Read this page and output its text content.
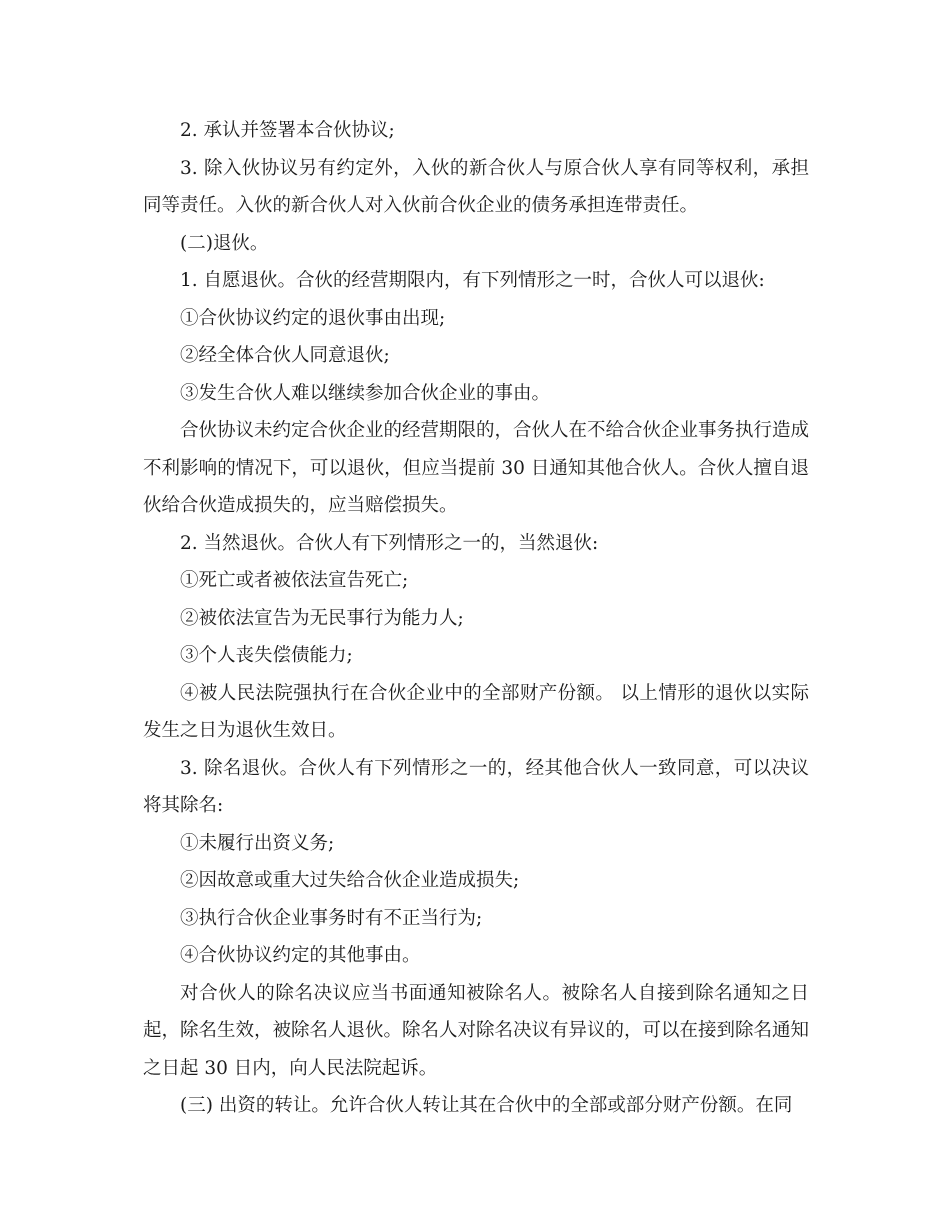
2. 承认并签署本合伙协议;

3. 除入伙协议另有约定外，入伙的新合伙人与原合伙人享有同等权利，承担同等责任。入伙的新合伙人对入伙前合伙企业的债务承担连带责任。

(二)退伙。

1. 自愿退伙。合伙的经营期限内，有下列情形之一时，合伙人可以退伙:

①合伙协议约定的退伙事由出现;

②经全体合伙人同意退伙;

③发生合伙人难以继续参加合伙企业的事由。

合伙协议未约定合伙企业的经营期限的，合伙人在不给合伙企业事务执行造成不利影响的情况下，可以退伙，但应当提前 30 日通知其他合伙人。合伙人擅自退伙给合伙造成损失的，应当赔偿损失。

2. 当然退伙。合伙人有下列情形之一的，当然退伙:

①死亡或者被依法宣告死亡;

②被依法宣告为无民事行为能力人;

③个人丧失偿债能力;

④被人民法院强执行在合伙企业中的全部财产份额。 以上情形的退伙以实际发生之日为退伙生效日。

3. 除名退伙。合伙人有下列情形之一的，经其他合伙人一致同意，可以决议将其除名:

①未履行出资义务;

②因故意或重大过失给合伙企业造成损失;

③执行合伙企业事务时有不正当行为;

④合伙协议约定的其他事由。

对合伙人的除名决议应当书面通知被除名人。被除名人自接到除名通知之日起，除名生效，被除名人退伙。除名人对除名决议有异议的，可以在接到除名通知之日起 30 日内，向人民法院起诉。

(三) 出资的转让。允许合伙人转让其在合伙中的全部或部分财产份额。在同
